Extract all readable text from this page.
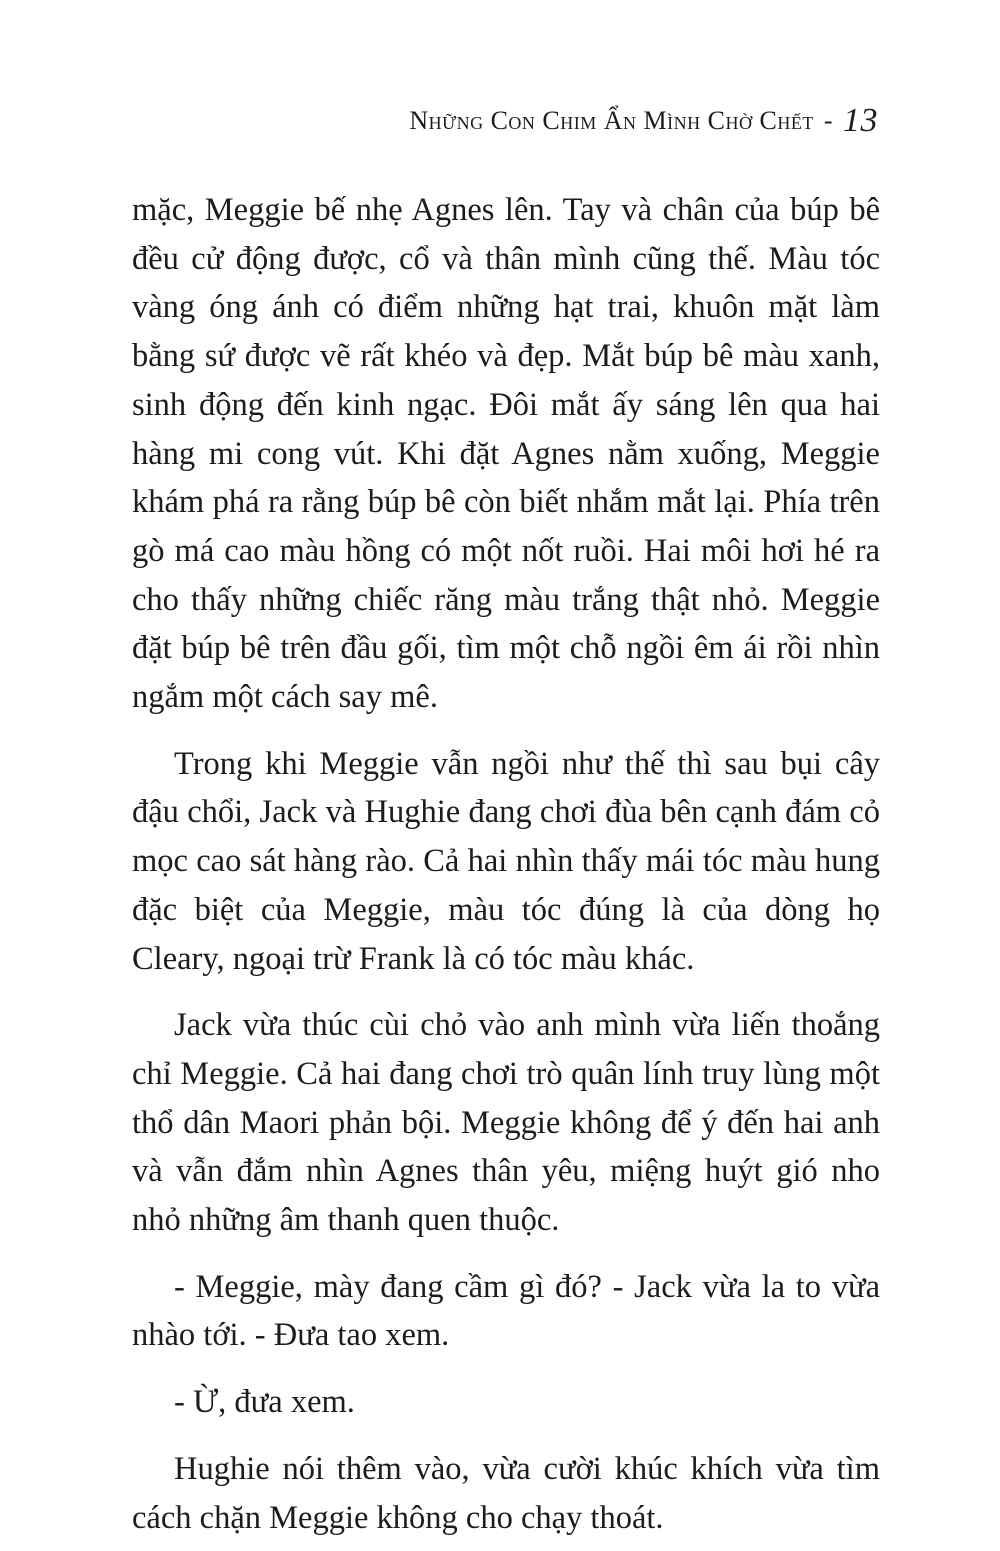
Những Con Chim Ẩn Mình Chờ Chết - 13

mặc, Meggie bế nhẹ Agnes lên. Tay và chân của búp bê đều cử động được, cổ và thân mình cũng thế. Màu tóc vàng óng ánh có điểm những hạt trai, khuôn mặt làm bằng sứ được vẽ rất khéo và đẹp. Mắt búp bê màu xanh, sinh động đến kinh ngạc. Đôi mắt ấy sáng lên qua hai hàng mi cong vút. Khi đặt Agnes nằm xuống, Meggie khám phá ra rằng búp bê còn biết nhắm mắt lại. Phía trên gò má cao màu hồng có một nốt ruồi. Hai môi hơi hé ra cho thấy những chiếc răng màu trắng thật nhỏ. Meggie đặt búp bê trên đầu gối, tìm một chỗ ngồi êm ái rồi nhìn ngắm một cách say mê.

Trong khi Meggie vẫn ngồi như thế thì sau bụi cây đậu chổi, Jack và Hughie đang chơi đùa bên cạnh đám cỏ mọc cao sát hàng rào. Cả hai nhìn thấy mái tóc màu hung đặc biệt của Meggie, màu tóc đúng là của dòng họ Cleary, ngoại trừ Frank là có tóc màu khác.

Jack vừa thúc cùi chỏ vào anh mình vừa liến thoắng chỉ Meggie. Cả hai đang chơi trò quân lính truy lùng một thổ dân Maori phản bội. Meggie không để ý đến hai anh và vẫn đắm nhìn Agnes thân yêu, miệng huýt gió nho nhỏ những âm thanh quen thuộc.

- Meggie, mày đang cầm gì đó? - Jack vừa la to vừa nhào tới. - Đưa tao xem.

- Ừ, đưa xem.

Hughie nói thêm vào, vừa cười khúc khích vừa tìm cách chặn Meggie không cho chạy thoát.
